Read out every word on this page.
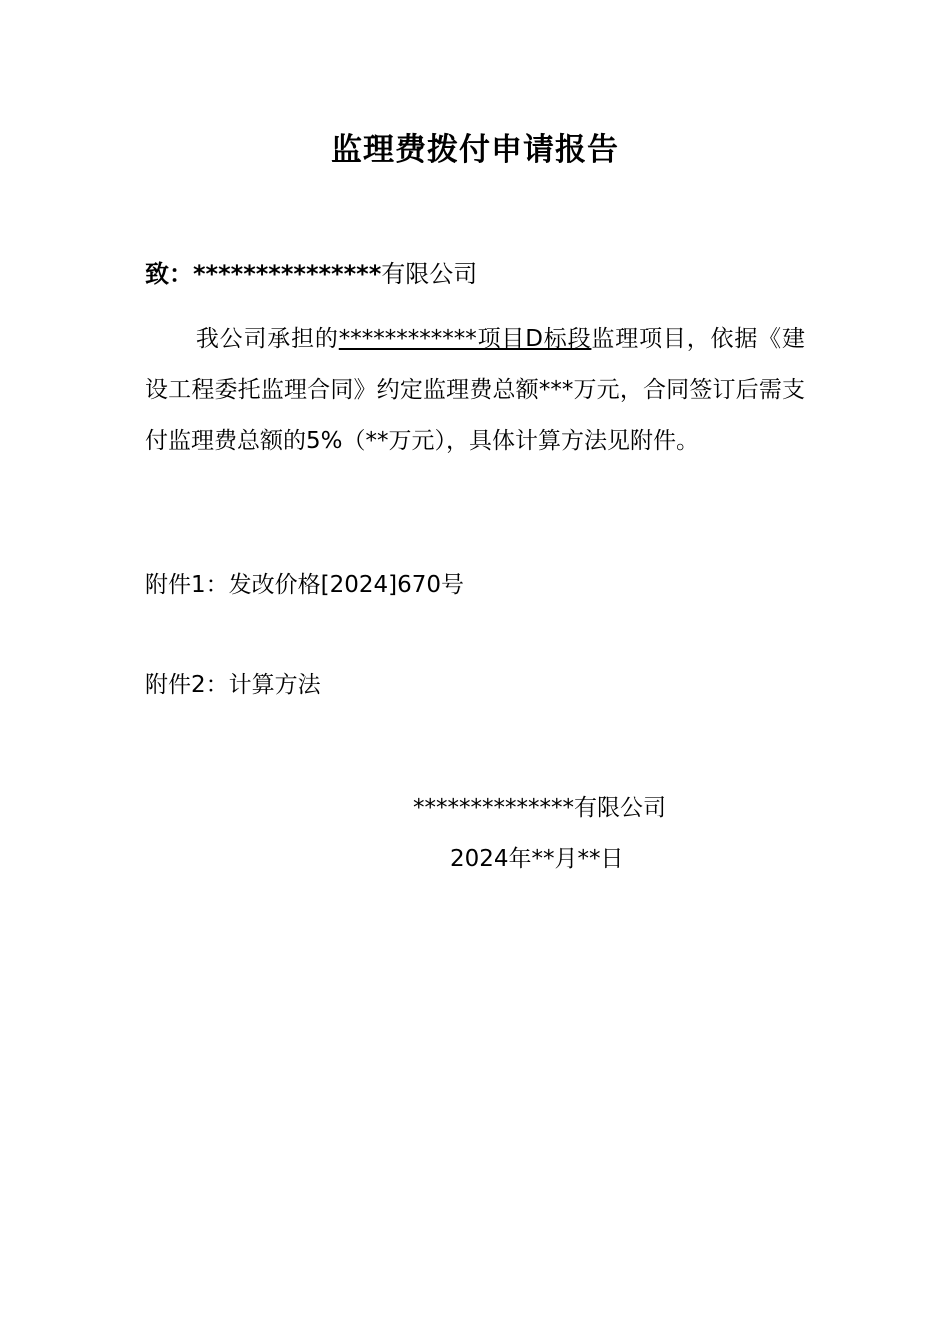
监理费拨付申请报告
致：***************有限公司
我公司承担的************项目D标段监理项目，依据《建设工程委托监理合同》约定监理费总额***万元，合同签订后需支付监理费总额的5%（**万元），具体计算方法见附件。
附件1：发改价格[2024]670号
附件2：计算方法
**************有限公司
2024年**月**日
